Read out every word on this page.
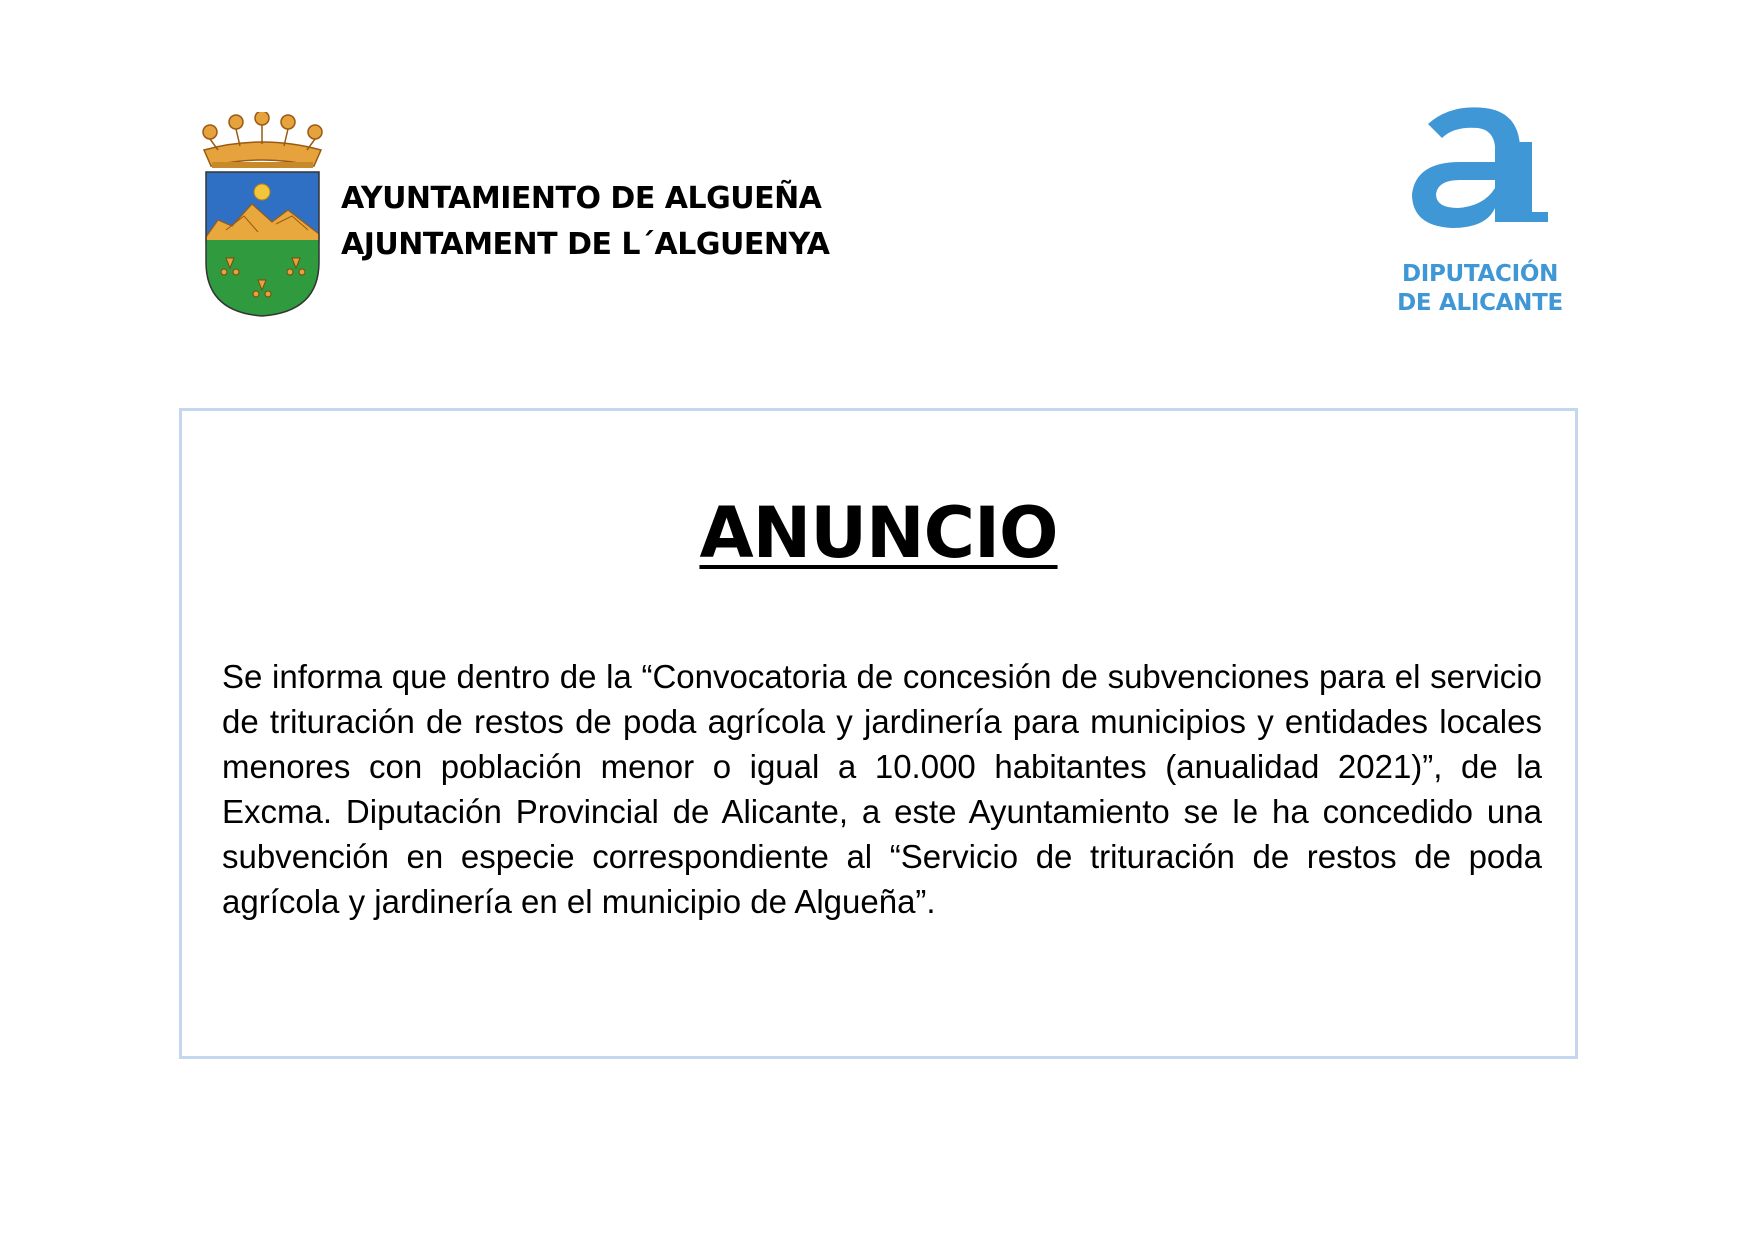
AYUNTAMIENTO DE ALGUEÑA
AJUNTAMENT DE L´ALGUENYA
DIPUTACIÓN
DE ALICANTE
ANUNCIO

Se informa que dentro de la “Convocatoria de concesión de subvenciones para el servicio de trituración de restos de poda agrícola y jardinería para municipios y entidades locales menores con población menor o igual a 10.000 habitantes (anualidad 2021)”, de la Excma. Diputación Provincial de Alicante, a este Ayuntamiento se le ha concedido una subvención en especie correspondiente al “Servicio de trituración de restos de poda agrícola y jardinería en el municipio de Algueña”.
